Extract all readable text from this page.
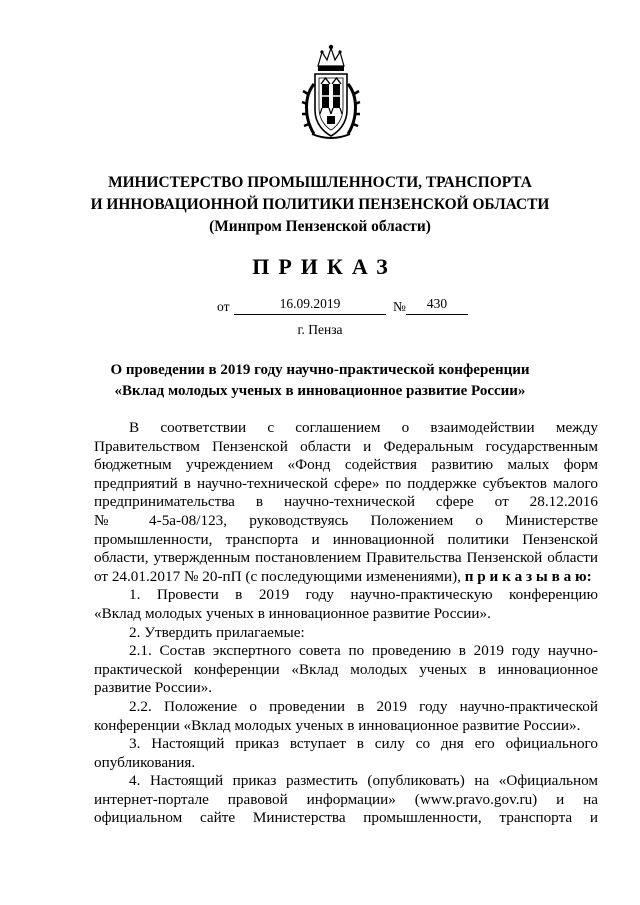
МИНИСТЕРСТВО ПРОМЫШЛЕННОСТИ, ТРАНСПОРТА
И ИННОВАЦИОННОЙ ПОЛИТИКИ ПЕНЗЕНСКОЙ ОБЛАСТИ
(Минпром Пензенской области)
ПРИКАЗ
от	16.09.2019	№	430
г. Пенза
О проведении в 2019 году научно-практической конференции
«Вклад молодых ученых в инновационное развитие России»
В соответствии с соглашением о взаимодействии между
Правительством Пензенской области и Федеральным государственным
бюджетным учреждением «Фонд содействия развитию малых форм
предприятий в научно-технической сфере» по поддержке субъектов малого
предпринимательства в научно-технической сфере от 28.12.2016
№ 4-5а-08/123, руководствуясь Положением о Министерстве
промышленности, транспорта и инновационной политики Пензенской
области, утвержденным постановлением Правительства Пензенской области
от 24.01.2017 № 20-пП (с последующими изменениями), п р и к а з ы в а ю:
1. Провести в 2019 году научно-практическую конференцию
«Вклад молодых ученых в инновационное развитие России».
2. Утвердить прилагаемые:
2.1. Состав экспертного совета по проведению в 2019 году научно-
практической конференции «Вклад молодых ученых в инновационное
развитие России».
2.2. Положение о проведении в 2019 году научно-практической
конференции «Вклад молодых ученых в инновационное развитие России».
3. Настоящий приказ вступает в силу со дня его официального
опубликования.
4. Настоящий приказ разместить (опубликовать) на «Официальном
интернет-портале правовой информации» (www.pravo.gov.ru) и на
официальном сайте Министерства промышленности, транспорта и
